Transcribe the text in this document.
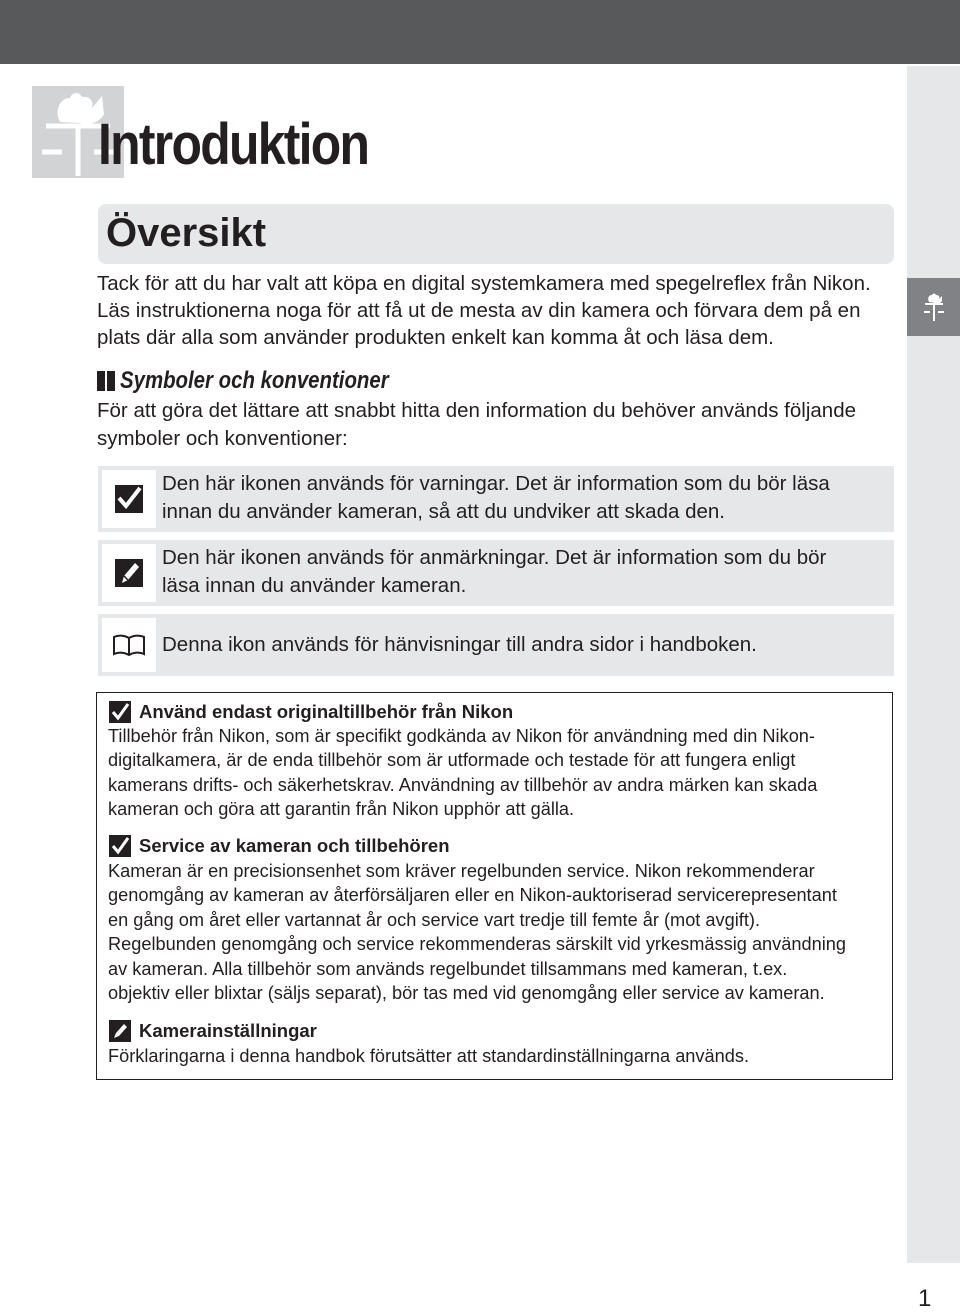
Introduktion
Översikt
Tack för att du har valt att köpa en digital systemkamera med spegelreflex från Nikon.
Läs instruktionerna noga för att få ut de mesta av din kamera och förvara dem på en
plats där alla som använder produkten enkelt kan komma åt och läsa dem.
Symboler och konventioner
För att göra det lättare att snabbt hitta den information du behöver används följande
symboler och konventioner:
Den här ikonen används för varningar. Det är information som du bör läsa
innan du använder kameran, så att du undviker att skada den.
Den här ikonen används för anmärkningar. Det är information som du bör
läsa innan du använder kameran.
Denna ikon används för hänvisningar till andra sidor i handboken.
Använd endast originaltillbehör från Nikon
Tillbehör från Nikon, som är specifikt godkända av Nikon för användning med din Nikon-
digitalkamera, är de enda tillbehör som är utformade och testade för att fungera enligt
kamerans drifts- och säkerhetskrav. Användning av tillbehör av andra märken kan skada
kameran och göra att garantin från Nikon upphör att gälla.
Service av kameran och tillbehören
Kameran är en precisionsenhet som kräver regelbunden service. Nikon rekommenderar
genomgång av kameran av återförsäljaren eller en Nikon-auktoriserad servicerepresentant
en gång om året eller vartannat år och service vart tredje till femte år (mot avgift).
Regelbunden genomgång och service rekommenderas särskilt vid yrkesmässig användning
av kameran. Alla tillbehör som används regelbundet tillsammans med kameran, t.ex.
objektiv eller blixtar (säljs separat), bör tas med vid genomgång eller service av kameran.
Kamerainställningar
Förklaringarna i denna handbok förutsätter att standardinställningarna används.
1
